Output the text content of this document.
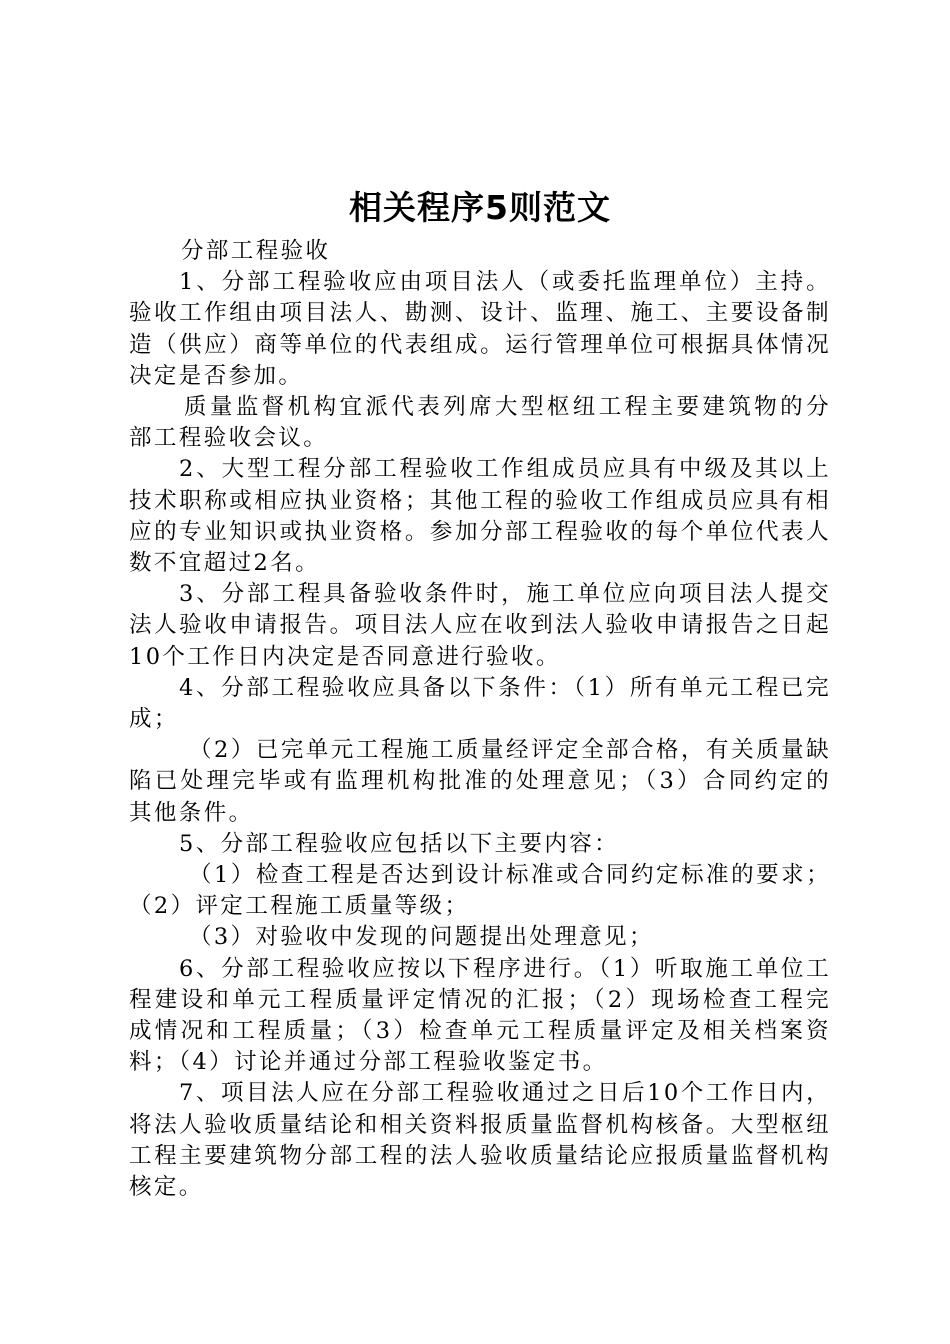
相关程序5则范文

分部工程验收

1、分部工程验收应由项目法人（或委托监理单位）主持。验收工作组由项目法人、勘测、设计、监理、施工、主要设备制造（供应）商等单位的代表组成。运行管理单位可根据具体情况决定是否参加。

质量监督机构宜派代表列席大型枢纽工程主要建筑物的分部工程验收会议。

2、大型工程分部工程验收工作组成员应具有中级及其以上技术职称或相应执业资格；其他工程的验收工作组成员应具有相应的专业知识或执业资格。参加分部工程验收的每个单位代表人数不宜超过2名。

3、分部工程具备验收条件时，施工单位应向项目法人提交法人验收申请报告。项目法人应在收到法人验收申请报告之日起10个工作日内决定是否同意进行验收。

4、分部工程验收应具备以下条件：（1）所有单元工程已完成；

（2）已完单元工程施工质量经评定全部合格，有关质量缺陷已处理完毕或有监理机构批准的处理意见；（3）合同约定的其他条件。

5、分部工程验收应包括以下主要内容：

（1）检查工程是否达到设计标准或合同约定标准的要求；（2）评定工程施工质量等级；

（3）对验收中发现的问题提出处理意见；

6、分部工程验收应按以下程序进行。（1）听取施工单位工程建设和单元工程质量评定情况的汇报；（2）现场检查工程完成情况和工程质量；（3）检查单元工程质量评定及相关档案资料；（4）讨论并通过分部工程验收鉴定书。

7、项目法人应在分部工程验收通过之日后10个工作日内，将法人验收质量结论和相关资料报质量监督机构核备。大型枢纽工程主要建筑物分部工程的法人验收质量结论应报质量监督机构核定。
